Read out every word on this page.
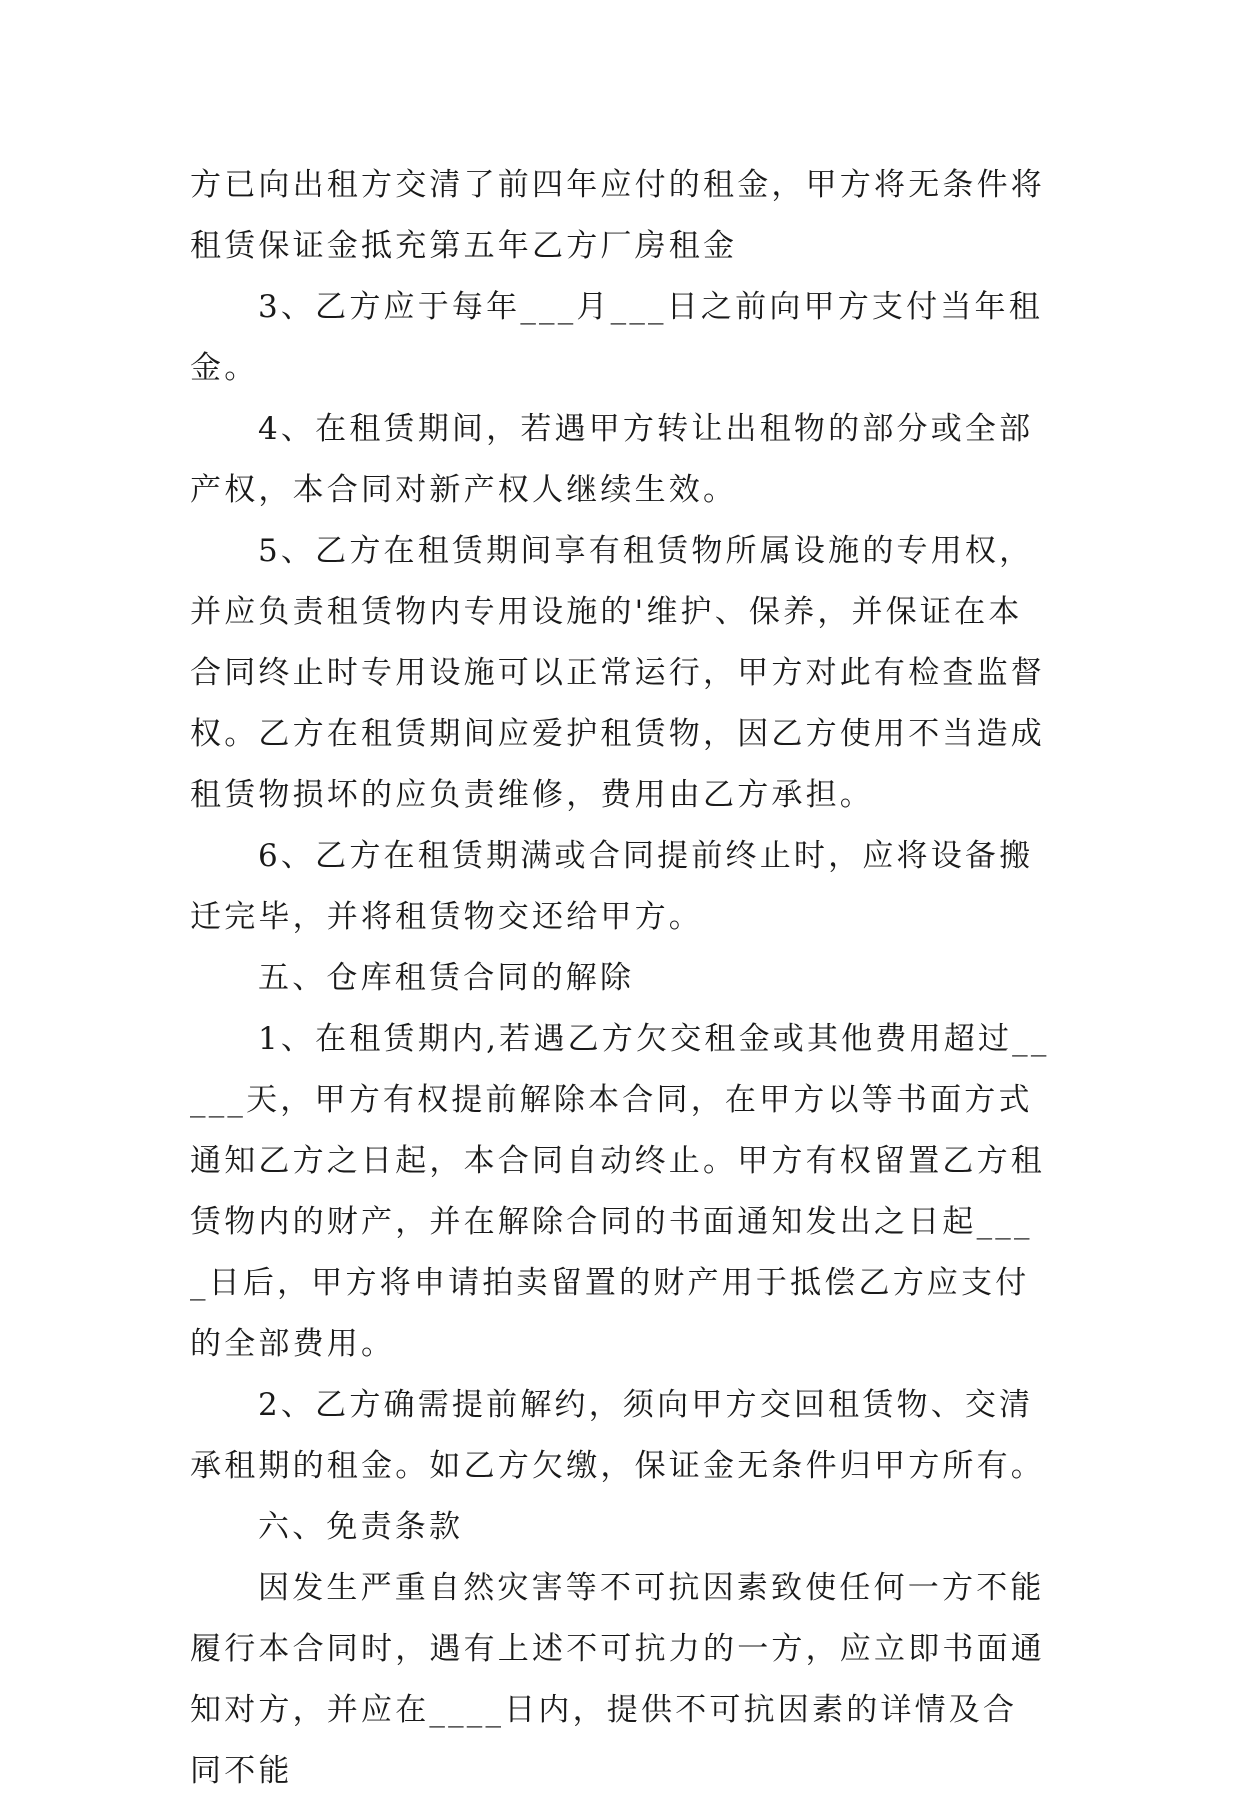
方已向出租方交清了前四年应付的租金，甲方将无条件将租赁保证金抵充第五年乙方厂房租金

3、乙方应于每年___月___日之前向甲方支付当年租金。

4、在租赁期间，若遇甲方转让出租物的部分或全部产权，本合同对新产权人继续生效。

5、乙方在租赁期间享有租赁物所属设施的专用权，并应负责租赁物内专用设施的'维护、保养，并保证在本合同终止时专用设施可以正常运行，甲方对此有检查监督权。乙方在租赁期间应爱护租赁物，因乙方使用不当造成租赁物损坏的应负责维修，费用由乙方承担。

6、乙方在租赁期满或合同提前终止时，应将设备搬迁完毕，并将租赁物交还给甲方。

五、仓库租赁合同的解除

1、在租赁期内,若遇乙方欠交租金或其他费用超过_____天，甲方有权提前解除本合同，在甲方以等书面方式通知乙方之日起，本合同自动终止。甲方有权留置乙方租赁物内的财产，并在解除合同的书面通知发出之日起____日后，甲方将申请拍卖留置的财产用于抵偿乙方应支付的全部费用。

2、乙方确需提前解约，须向甲方交回租赁物、交清承租期的租金。如乙方欠缴，保证金无条件归甲方所有。

六、免责条款

因发生严重自然灾害等不可抗因素致使任何一方不能履行本合同时，遇有上述不可抗力的一方，应立即书面通知对方，并应在____日内，提供不可抗因素的详情及合同不能
